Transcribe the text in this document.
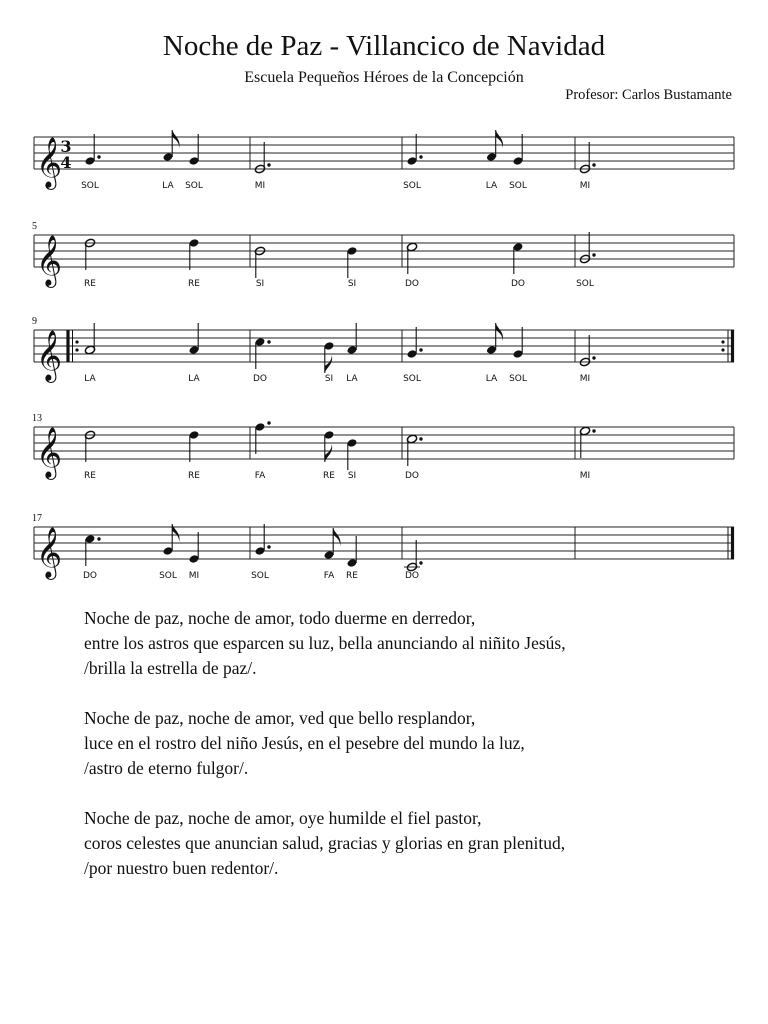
Noche de Paz - Villancico de Navidad
Escuela Pequeños Héroes de la Concepción
Profesor: Carlos Bustamante
𝄞
3
4
SOL	LA SOL	MI	SOL	LA SOL	MI
𝄞
5
RE	RE	SI	SI	DO	DO	SOL
𝄞
9
LA	LA	DO	SI LA	SOL	LA SOL	MI
𝄞
13
RE	RE	FA	RE SI	DO	MI
𝄞
17
DO	SOL MI	SOL	FA RE	DO
Noche de paz, noche de amor, todo duerme en derredor,
entre los astros que esparcen su luz, bella anunciando al niñito Jesús,
/brilla la estrella de paz/.
Noche de paz, noche de amor, ved que bello resplandor,
luce en el rostro del niño Jesús, en el pesebre del mundo la luz,
/astro de eterno fulgor/.
Noche de paz, noche de amor, oye humilde el fiel pastor,
coros celestes que anuncian salud, gracias y glorias en gran plenitud,
/por nuestro buen redentor/.
